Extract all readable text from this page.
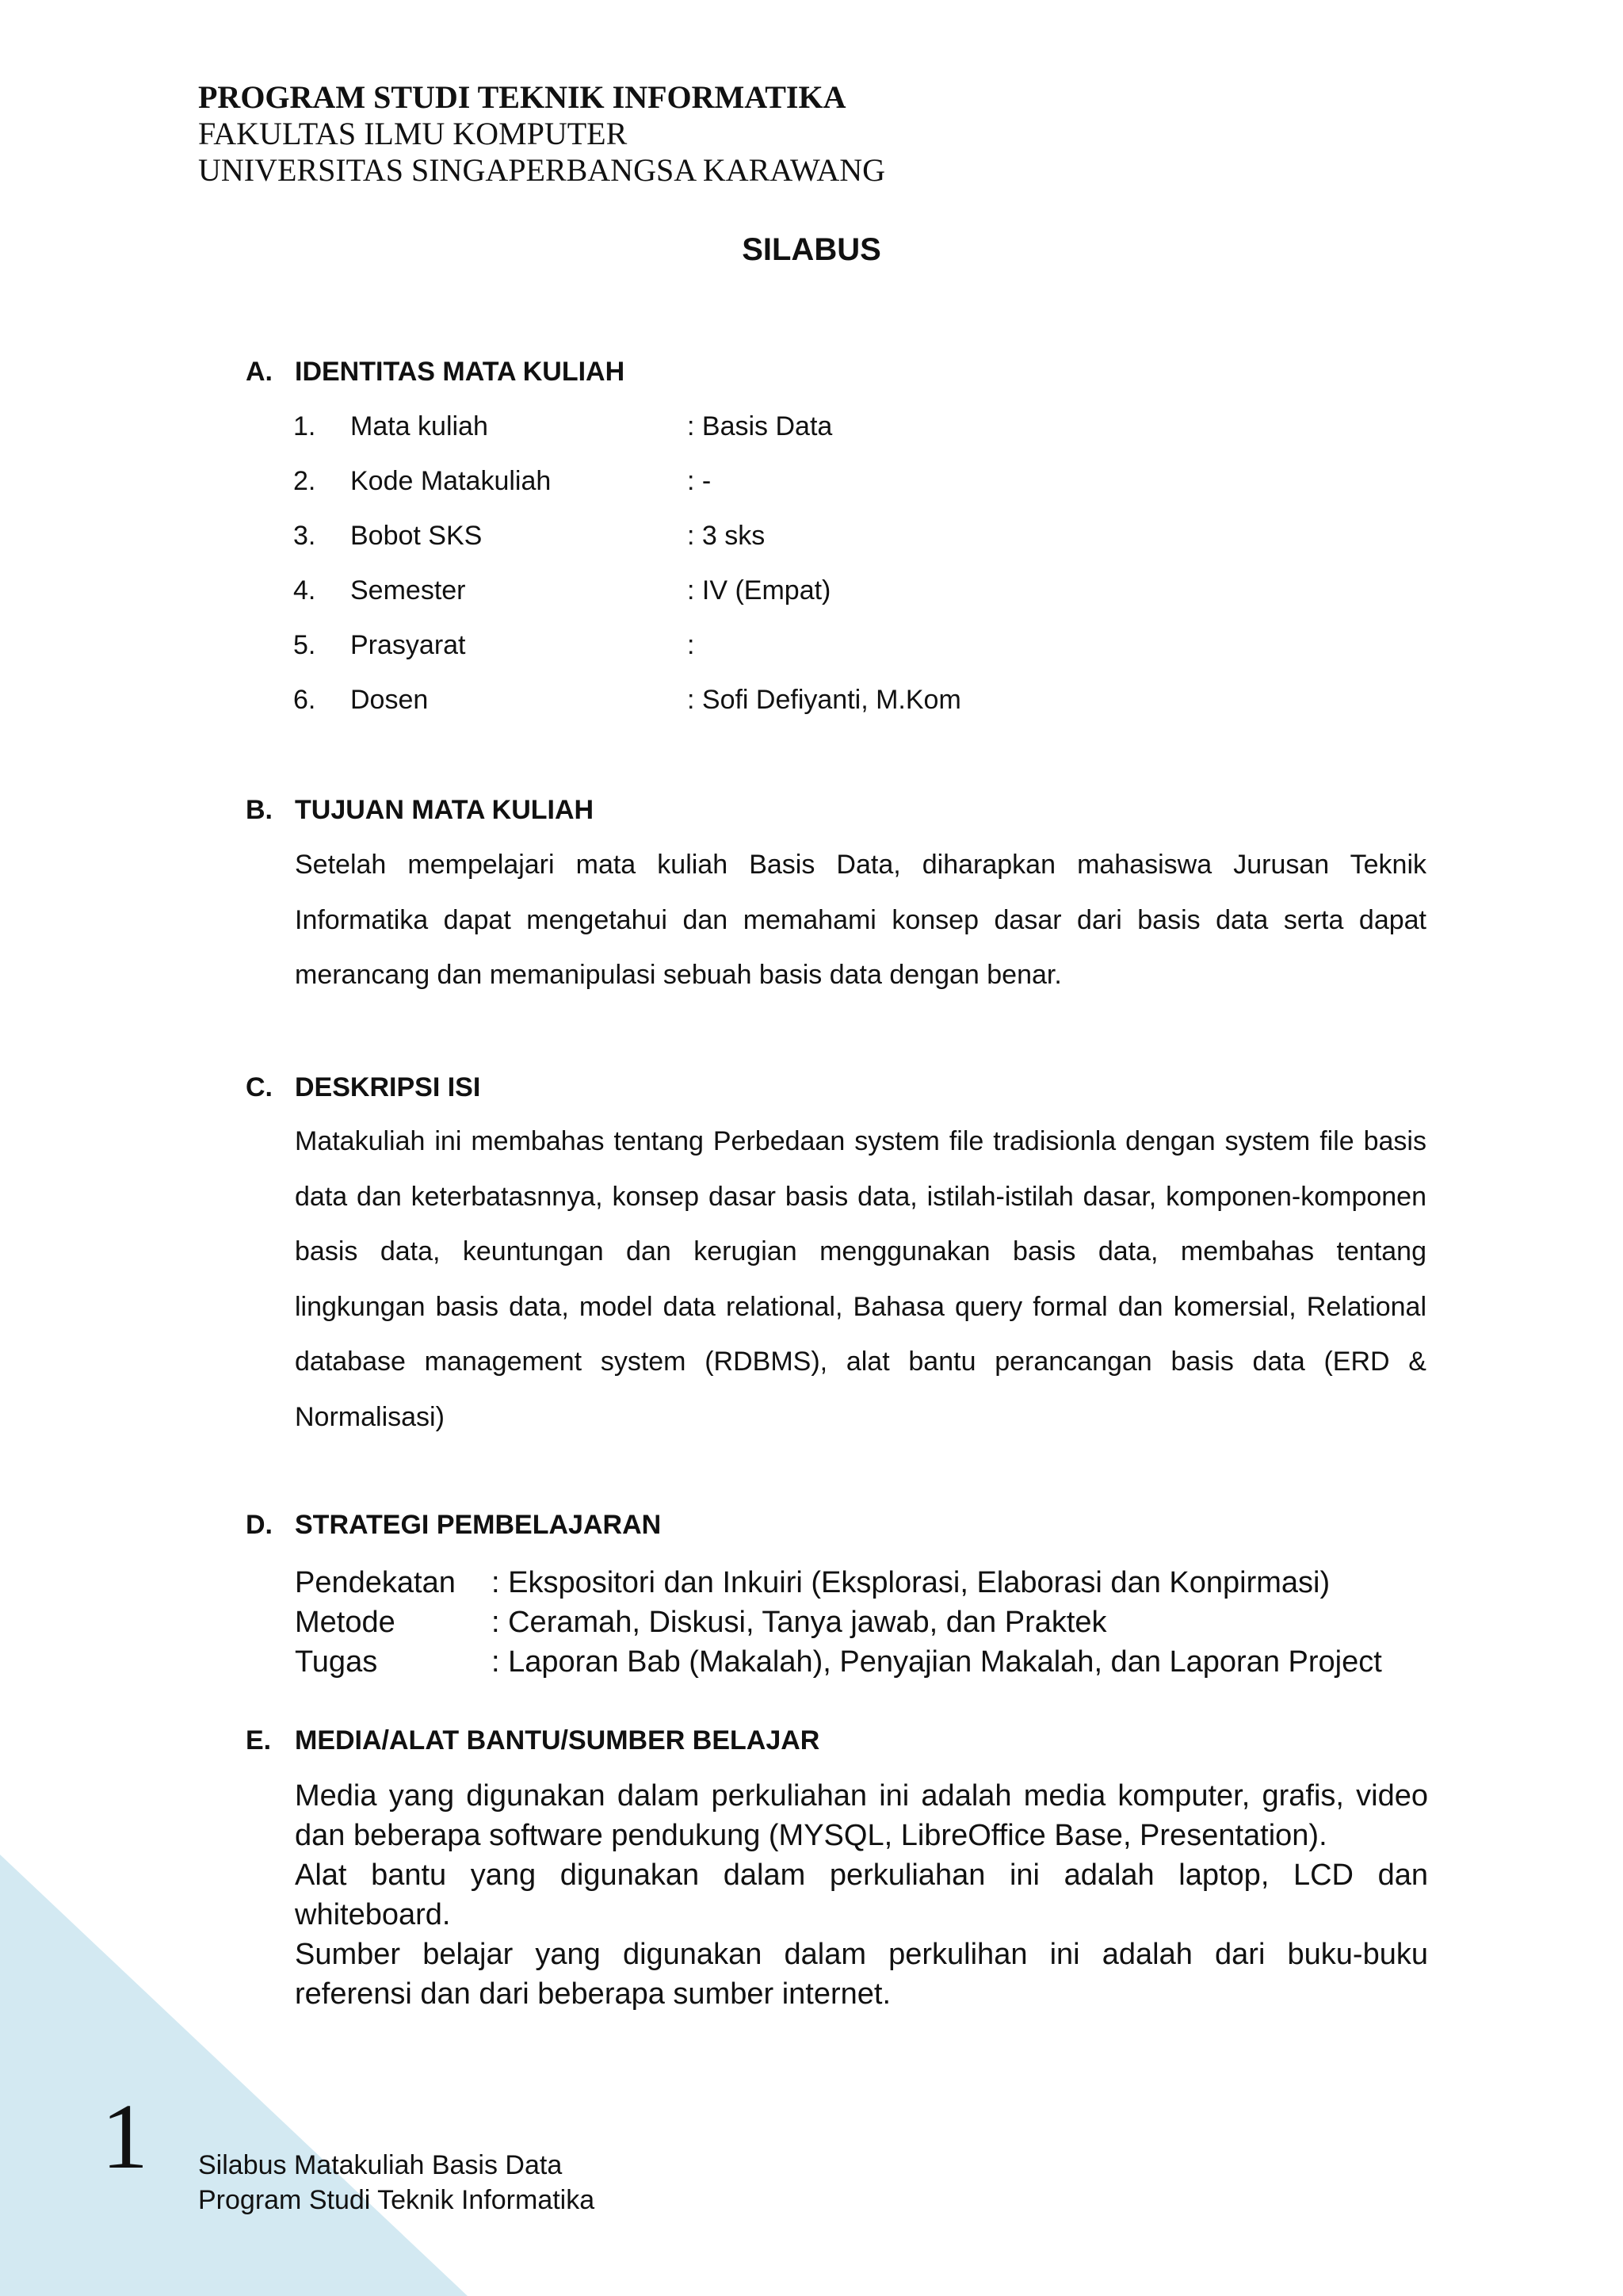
PROGRAM STUDI TEKNIK INFORMATIKA
FAKULTAS ILMU KOMPUTER
UNIVERSITAS SINGAPERBANGSA KARAWANG
SILABUS
A. IDENTITAS MATA KULIAH
1.	Mata kuliah	: Basis Data
2.	Kode Matakuliah	: -
3.	Bobot SKS	: 3 sks
4.	Semester	: IV (Empat)
5.	Prasyarat	:
6.	Dosen	: Sofi Defiyanti, M.Kom
B. TUJUAN MATA KULIAH
Setelah mempelajari mata kuliah Basis Data, diharapkan mahasiswa Jurusan Teknik Informatika dapat mengetahui dan memahami konsep dasar dari basis data serta dapat merancang dan memanipulasi sebuah basis data dengan benar.
C. DESKRIPSI ISI
Matakuliah ini membahas tentang Perbedaan system file tradisionla dengan system file basis data dan keterbatasnnya, konsep dasar basis data, istilah-istilah dasar, komponen-komponen basis data, keuntungan dan kerugian menggunakan basis data, membahas tentang lingkungan basis data, model data relational, Bahasa query formal dan komersial, Relational database management system (RDBMS), alat bantu perancangan basis data (ERD & Normalisasi)
D. STRATEGI PEMBELAJARAN
Pendekatan : Ekspositori dan Inkuiri (Eksplorasi, Elaborasi dan Konpirmasi)
Metode	: Ceramah, Diskusi, Tanya jawab, dan Praktek
Tugas	: Laporan Bab (Makalah), Penyajian Makalah, dan Laporan Project
E. MEDIA/ALAT BANTU/SUMBER BELAJAR
Media yang digunakan dalam perkuliahan ini adalah media komputer, grafis, video dan beberapa software pendukung (MYSQL, LibreOffice Base, Presentation).
Alat bantu yang digunakan dalam perkuliahan ini adalah laptop, LCD dan whiteboard.
Sumber belajar yang digunakan dalam perkulihan ini adalah dari buku-buku referensi dan dari beberapa sumber internet.
1 Silabus Matakuliah Basis Data
Program Studi Teknik Informatika
